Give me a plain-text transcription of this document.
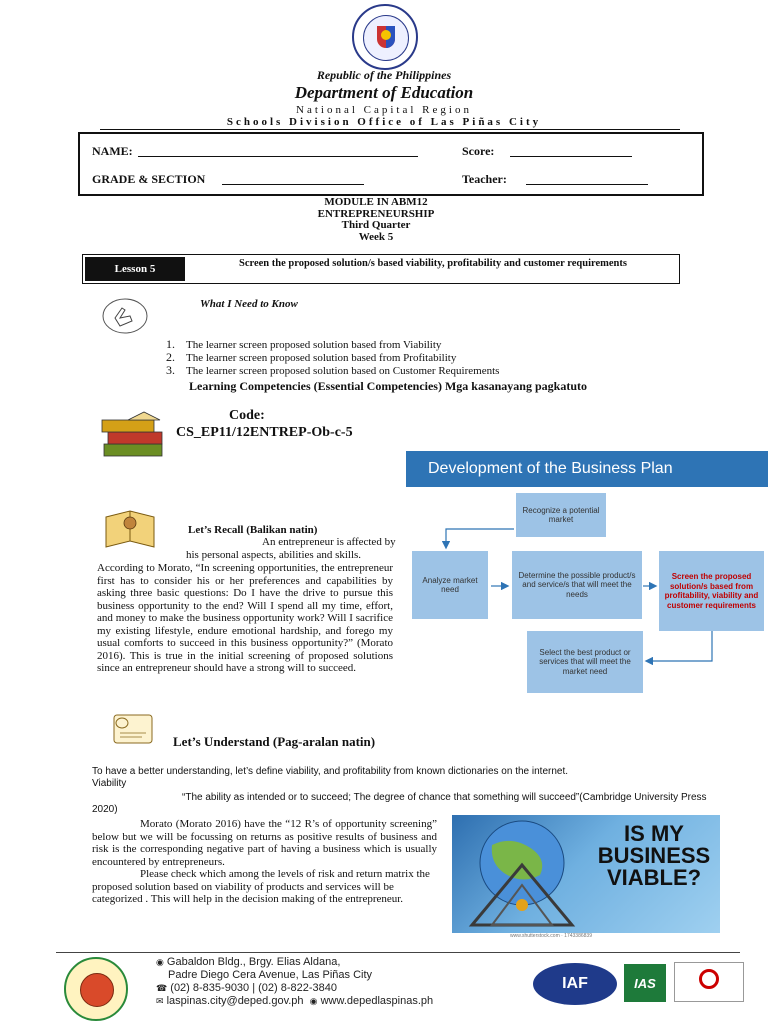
Republic of the Philippines
Department of Education
National Capital Region
Schools Division Office of Las Piñas City
NAME:	Score:
GRADE & SECTION	Teacher:
MODULE IN ABM12
ENTREPRENEURSHIP
Third Quarter
Week 5
Lesson 5	Screen the proposed solution/s based viability, profitability and customer requirements
What I Need to Know
1. The learner screen proposed solution based from Viability
2. The learner screen proposed solution based from Profitability
3. The learner screen proposed solution based on Customer Requirements
Learning Competencies (Essential Competencies) Mga kasanayang pagkatuto
Code:
CS_EP11/12ENTREP-Ob-c-5
Development of the Business Plan
Recognize a potential market
Analyze market need
Determine the possible product/s and service/s that will meet the needs
Screen the proposed solution/s based from profitability, viability and customer requirements
Select the best product or services that will meet the market need
Let’s Recall (Balikan natin)
An entrepreneur is affected by
his personal aspects, abilities and skills.
According to Morato, “In screening opportunities, the entrepreneur first has to consider his or her preferences and capabilities by asking three basic questions: Do I have the drive to pursue this business opportunity to the end? Will I spend all my time, effort, and money to make the business opportunity work? Will I sacrifice my existing lifestyle, endure emotional hardship, and forego my usual comforts to succeed in this business opportunity?” (Morato 2016). This is true in the initial screening of proposed solutions since an entrepreneur should have a strong will to succeed.
Let’s Understand (Pag-aralan natin)
To have a better understanding, let’s define viability, and profitability from known dictionaries on the internet.
Viability
“The ability as intended or to succeed; The degree of chance that something will succeed”(Cambridge University Press 2020)
Morato (Morato 2016) have the “12 R’s of opportunity screening” below but we will be focussing on returns as positive results of business and risk is the corresponding negative part of having a business which is usually encountered by entrepreneurs.
Please check which among the levels of risk and return matrix the proposed solution based on viability of products and services will be categorized . This will help in the decision making of the entrepreneur.
IS MY
BUSINESS
VIABLE?
www.shutterstock.com · 1743386839
◉ Gabaldon Bldg., Brgy. Elias Aldana,
Padre Diego Cera Avenue, Las Piñas City
☎ (02) 8-835-9030 | (02) 8-822-3840
✉ laspinas.city@deped.gov.ph ◉ www.depedlaspinas.ph
IAF	IAS
